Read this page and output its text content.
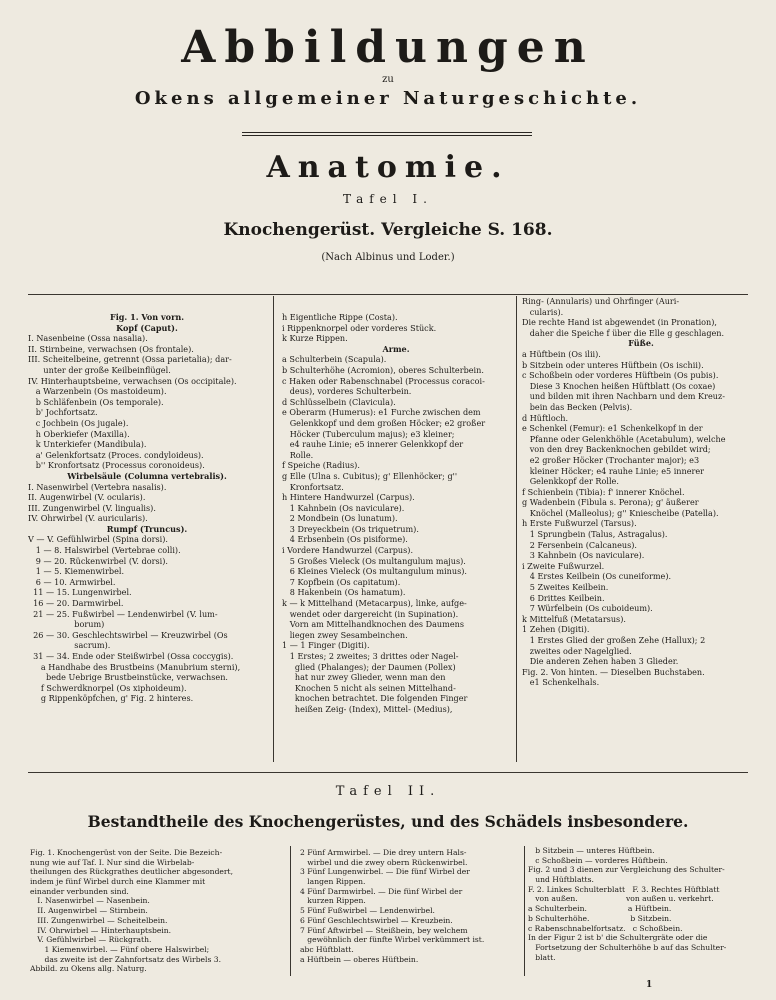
Abbildungen
zu
Okens allgemeiner Naturgeschichte.
Anatomie.
Tafel I.
Knochengerüst. Vergleiche S. 168.
(Nach Albinus und Loder.)
Fig. 1. Von vorn.
Kopf (Caput).
I. Nasenbeine (Ossa nasalia).
II. Stirnbeine, verwachsen (Os frontale).
III. Scheitelbeine, getrennt (Ossa parietalia); dar-
unter der große Keilbeinflügel.
IV. Hinterhauptsbeine, verwachsen (Os occipitale).
a Warzenbein (Os mastoideum).
b Schläfenbein (Os temporale).
b' Jochfortsatz.
c Jochbein (Os jugale).
h Oberkiefer (Maxilla).
k Unterkiefer (Mandibula).
a' Gelenkfortsatz (Proces. condyloideus).
b'' Kronfortsatz (Processus coronoideus).
Wirbelsäule (Columna vertebralis).
I. Nasenwirbel (Vertebra nasalis).
II. Augenwirbel (V. ocularis).
III. Zungenwirbel (V. lingualis).
IV. Ohrwirbel (V. auricularis).
Rumpf (Truncus).
V — V. Gefühlwirbel (Spina dorsi).
1 — 8. Halswirbel (Vertebrae colli).
9 — 20. Rückenwirbel (V. dorsi).
1 — 5. Kiemenwirbel.
6 — 10. Armwirbel.
11 — 15. Lungenwirbel.
16 — 20. Darmwirbel.
21 — 25. Fußwirbel — Lendenwirbel (V. lum-
borum)
26 — 30. Geschlechtswirbel — Kreuzwirbel (Os
sacrum).
31 — 34. Ende oder Steißwirbel (Ossa coccygis).
a Handhabe des Brustbeins (Manubrium sterni),
bede Uebrige Brustbeinstücke, verwachsen.
f Schwerdknorpel (Os xiphoideum).
g Rippenköpfchen, g' Fig. 2 hinteres.
h Eigentliche Rippe (Costa).
i Rippenknorpel oder vorderes Stück.
k Kurze Rippen.
Arme.
a Schulterbein (Scapula).
b Schulterhöhe (Acromion), oberes Schulterbein.
c Haken oder Rabenschnabel (Processus coracoi-
deus), vorderes Schulterbein.
d Schlüsselbein (Clavicula).
e Oberarm (Humerus): e1 Furche zwischen dem
Gelenkkopf und dem großen Höcker; e2 großer
Höcker (Tuberculum majus); e3 kleiner;
e4 rauhe Linie; e5 innerer Gelenkkopf der
Rolle.
f Speiche (Radius).
g Elle (Ulna s. Cubitus); g' Ellenhöcker; g''
Kronfortsatz.
h Hintere Handwurzel (Carpus).
1 Kahnbein (Os naviculare).
2 Mondbein (Os lunatum).
3 Dreyeckbein (Os triquetrum).
4 Erbsenbein (Os pisiforme).
i Vordere Handwurzel (Carpus).
5 Großes Vieleck (Os multangulum majus).
6 Kleines Vieleck (Os multangulum minus).
7 Kopfbein (Os capitatum).
8 Hakenbein (Os hamatum).
k — k Mittelhand (Metacarpus), linke, aufge-
wendet oder dargereicht (in Supination).
Vorn am Mittelhandknochen des Daumens
liegen zwey Sesambeinchen.
1 — 1 Finger (Digiti).
1 Erstes; 2 zweites; 3 drittes oder Nagel-
glied (Phalanges); der Daumen (Pollex)
hat nur zwey Glieder, wenn man den
Knochen 5 nicht als seinen Mittelhand-
knochen betrachtet. Die folgenden Finger
heißen Zeig- (Index), Mittel- (Medius),
Ring- (Annularis) und Ohrfinger (Auri-
cularis).
Die rechte Hand ist abgewendet (in Pronation),
daher die Speiche f über die Elle g geschlagen.
Füße.
a Hüftbein (Os ilii).
b Sitzbein oder unteres Hüftbein (Os ischii).
c Schoßbein oder vorderes Hüftbein (Os pubis).
Diese 3 Knochen heißen Hüftblatt (Os coxae)
und bilden mit ihren Nachbarn und dem Kreuz-
bein das Becken (Pelvis).
d Hüftloch.
e Schenkel (Femur): e1 Schenkelkopf in der
Pfanne oder Gelenkhöhle (Acetabulum), welche
von den drey Backenknochen gebildet wird;
e2 großer Höcker (Trochanter major); e3
kleiner Höcker; e4 rauhe Linie; e5 innerer
Gelenkkopf der Rolle.
f Schienbein (Tibia): f' innerer Knöchel.
g Wadenbein (Fibula s. Perona); g' äußerer
Knöchel (Malleolus); g'' Kniescheibe (Patella).
h Erste Fußwurzel (Tarsus).
1 Sprungbein (Talus, Astragalus).
2 Fersenbein (Calcaneus).
3 Kahnbein (Os naviculare).
i Zweite Fußwurzel.
4 Erstes Keilbein (Os cuneiforme).
5 Zweites Keilbein.
6 Drittes Keilbein.
7 Würfelbein (Os cuboideum).
k Mittelfuß (Metatarsus).
1 Zehen (Digiti).
1 Erstes Glied der großen Zehe (Hallux); 2
zweites oder Nagelglied.
Die anderen Zehen haben 3 Glieder.
Fig. 2. Von hinten. — Dieselben Buchstaben.
e1 Schenkelhals.
Tafel II.
Bestandtheile des Knochengerüstes, und des Schädels insbesondere.
Fig. 1. Knochengerüst von der Seite. Die Bezeich-
nung wie auf Taf. I. Nur sind die Wirbelab-
theilungen des Rückgrathes deutlicher abgesondert,
indem je fünf Wirbel durch eine Klammer mit
einander verbunden sind.
I. Nasenwirbel — Nasenbein.
II. Augenwirbel — Stirnbein.
III. Zungenwirbel — Scheitelbein.
IV. Ohrwirbel — Hinterhauptsbein.
V. Gefühlwirbel — Rückgrath.
1 Kiemenwirbel. — Fünf obere Halswirbel;
das zweite ist der Zahnfortsatz des Wirbels 3.
Abbild. zu Okens allg. Naturg.
2 Fünf Armwirbel. — Die drey untern Hals-
wirbel und die zwey obern Rückenwirbel.
3 Fünf Lungenwirbel. — Die fünf Wirbel der
langen Rippen.
4 Fünf Darmwirbel. — Die fünf Wirbel der
kurzen Rippen.
5 Fünf Fußwirbel — Lendenwirbel.
6 Fünf Geschlechtswirbel — Kreuzbein.
7 Fünf Aftwirbel — Steißbein, bey welchem
gewöhnlich der fünfte Wirbel verkümmert ist.
abc Hüftblatt.
a Hüftbein — oberes Hüftbein.
b Sitzbein — unteres Hüftbein.
c Schoßbein — vorderes Hüftbein.
Fig. 2 und 3 dienen zur Vergleichung des Schulter-
und Hüftblatts.
F. 2. Linkes Schulterblatt   F. 3. Rechtes Hüftblatt
von außen.                    von außen u. verkehrt.
a Schulterbein.                 a Hüftbein.
b Schulterhöhe.                 b Sitzbein.
c Rabenschnabelfortsatz.   c Schoßbein.
In der Figur 2 ist b' die Schultergräte oder die
Fortsetzung der Schulterhöhe b auf das Schulter-
blatt.
1
